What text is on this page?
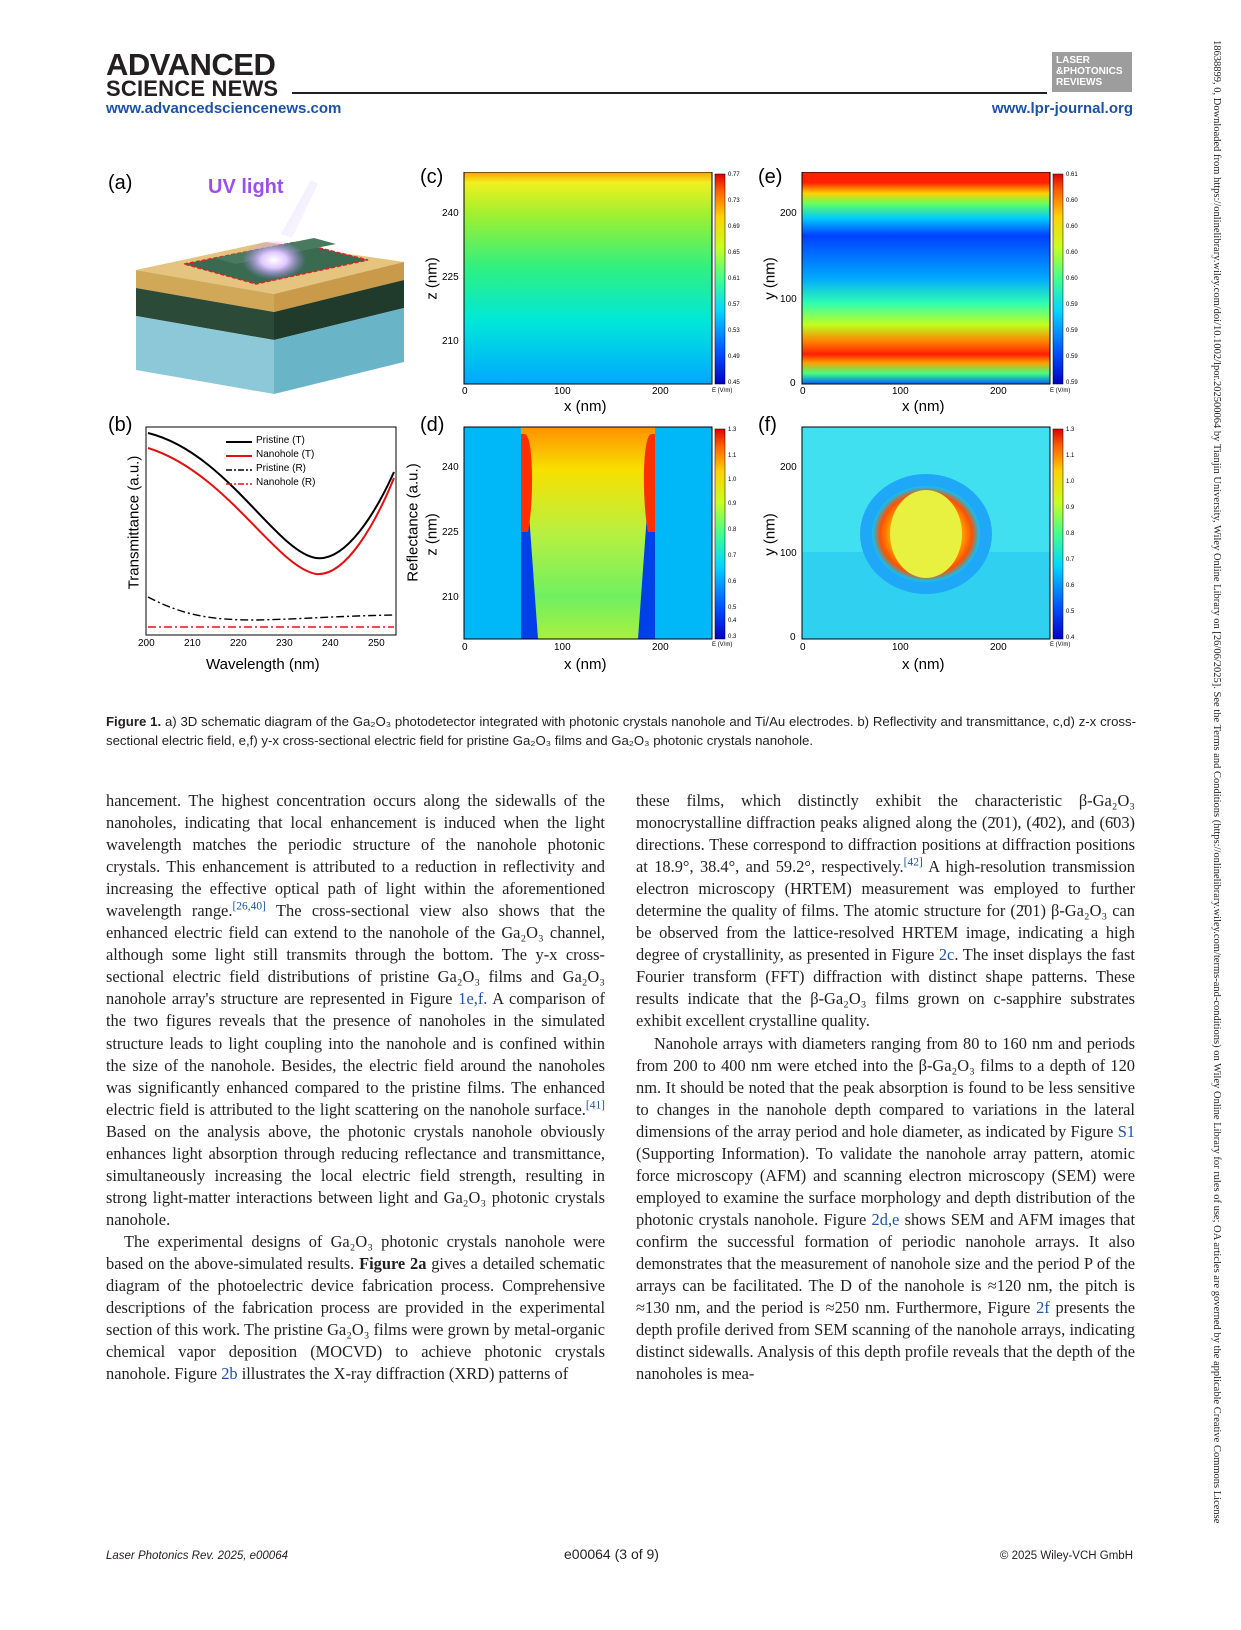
ADVANCED
SCIENCE NEWS
LASER
&PHOTONICS
REVIEWS
www.advancedsciencenews.com	www.lpr-journal.org	18638899, 0, Downloaded from https://onlinelibrary.wiley.com/doi/10.1002/lpor.202500064 by Tianjin University, Wiley Online Library on [26/06/2025]. See the Terms and Conditions (https://onlinelibrary.wiley.com/terms-and-conditions) on Wiley Online Library for rules of use; OA articles are governed by the applicable Creative Commons License
(a)	UV light
(b)
(c)
(d)
(e)
(f)
Wavelength (nm)
Transmittance (a.u.)	Reflectance (a.u.)
200	210	220	230	240	250
Pristine (T)
Nanohole (T)
Pristine (R)
Nanohole (R)
x (nm)
z (nm)
240
225
210
0	100	200
0.77
0.73
0.69
0.65
0.61
0.57
0.53
0.49
0.45
E (V/m)
x (nm)
z (nm)
240
225
210
0	100	200
1.3
1.1
1.0
0.9
0.8
0.7
0.6
0.5
0.4
0.3
E (V/m)
x (nm)
y (nm)
200
100
0
0	100	200
0.61
0.60
0.60
0.60
0.60
0.59
0.59
0.59
0.59
E (V/m)
x (nm)
y (nm)
200
100
0
0	100	200
1.3
1.1
1.0
0.9
0.8
0.7
0.6
0.5
0.4
E (V/m)
Figure 1. a) 3D schematic diagram of the Ga₂O₃ photodetector integrated with photonic crystals nanohole and Ti/Au electrodes. b) Reflectivity and transmittance, c,d) z-x cross-sectional electric field, e,f) y-x cross-sectional electric field for pristine Ga₂O₃ films and Ga₂O₃ photonic crystals nanohole.

hancement. The highest concentration occurs along the sidewalls of the nanoholes, indicating that local enhancement is induced when the light wavelength matches the periodic structure of the nanohole photonic crystals. This enhancement is attributed to a reduction in reflectivity and increasing the effective optical path of light within the aforementioned wavelength range.[26,40] The cross-sectional view also shows that the enhanced electric field can extend to the nanohole of the Ga₂O₃ channel, although some light still transmits through the bottom. The y-x cross-sectional electric field distributions of pristine Ga₂O₃ films and Ga₂O₃ nanohole array's structure are represented in Figure 1e,f. A comparison of the two figures reveals that the presence of nanoholes in the simulated structure leads to light coupling into the nanohole and is confined within the size of the nanohole. Besides, the electric field around the nanoholes was significantly enhanced compared to the pristine films. The enhanced electric field is attributed to the light scattering on the nanohole surface.[41] Based on the analysis above, the photonic crystals nanohole obviously enhances light absorption through reducing reflectance and transmittance, simultaneously increasing the local electric field strength, resulting in strong light-matter interactions between light and Ga₂O₃ photonic crystals nanohole.

The experimental designs of Ga₂O₃ photonic crystals nanohole were based on the above-simulated results. Figure 2a gives a detailed schematic diagram of the photoelectric device fabrication process. Comprehensive descriptions of the fabrication process are provided in the experimental section of this work. The pristine Ga₂O₃ films were grown by metal-organic chemical vapor deposition (MOCVD) to achieve photonic crystals nanohole. Figure 2b illustrates the X-ray diffraction (XRD) patterns of

these films, which distinctly exhibit the characteristic β-Ga₂O₃ monocrystalline diffraction peaks aligned along the (2̄01), (4̄02), and (6̄03) directions. These correspond to diffraction positions at diffraction positions at 18.9°, 38.4°, and 59.2°, respectively.[42] A high-resolution transmission electron microscopy (HRTEM) measurement was employed to further determine the quality of films. The atomic structure for (2̄01) β-Ga₂O₃ can be observed from the lattice-resolved HRTEM image, indicating a high degree of crystallinity, as presented in Figure 2c. The inset displays the fast Fourier transform (FFT) diffraction with distinct shape patterns. These results indicate that the β-Ga₂O₃ films grown on c-sapphire substrates exhibit excellent crystalline quality.

Nanohole arrays with diameters ranging from 80 to 160 nm and periods from 200 to 400 nm were etched into the β-Ga₂O₃ films to a depth of 120 nm. It should be noted that the peak absorption is found to be less sensitive to changes in the nanohole depth compared to variations in the lateral dimensions of the array period and hole diameter, as indicated by Figure S1 (Supporting Information). To validate the nanohole array pattern, atomic force microscopy (AFM) and scanning electron microscopy (SEM) were employed to examine the surface morphology and depth distribution of the photonic crystals nanohole. Figure 2d,e shows SEM and AFM images that confirm the successful formation of periodic nanohole arrays. It also demonstrates that the measurement of nanohole size and the period P of the arrays can be facilitated. The D of the nanohole is ≈120 nm, the pitch is ≈130 nm, and the period is ≈250 nm. Furthermore, Figure 2f presents the depth profile derived from SEM scanning of the nanohole arrays, indicating distinct sidewalls. Analysis of this depth profile reveals that the depth of the nanoholes is mea-

Laser Photonics Rev. 2025, e00064	e00064 (3 of 9)	© 2025 Wiley-VCH GmbH
